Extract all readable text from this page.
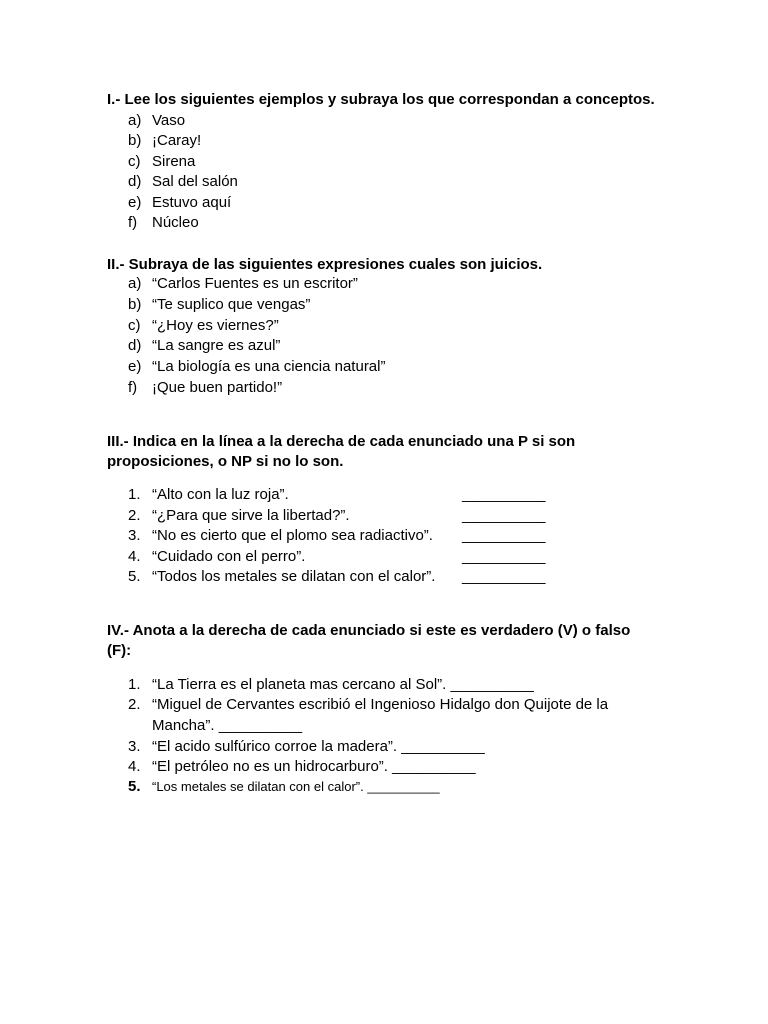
I.- Lee los siguientes ejemplos y subraya los que correspondan a conceptos.
a) Vaso
b) ¡Caray!
c) Sirena
d) Sal del salón
e) Estuvo aquí
f) Núcleo
II.- Subraya de las siguientes expresiones cuales son juicios.
a) “Carlos Fuentes es un escritor”
b) “Te suplico que vengas”
c) “¿Hoy es viernes?”
d) “La sangre es azul”
e) “La biología es una ciencia natural”
f) ¡Que buen partido!”
III.- Indica en la línea a la derecha de cada enunciado una P si son proposiciones, o NP si no lo son.
1. “Alto con la luz roja”.	__________
2. “¿Para que sirve la libertad?”.	__________
3. “No es cierto que el plomo sea radiactivo”. __________
4. “Cuidado con el perro”.	__________
5. “Todos los metales se dilatan con el calor”. __________
IV.- Anota a la derecha de cada enunciado si este es verdadero (V) o falso (F):
1. “La Tierra es el planeta mas cercano al Sol”. __________
2. “Miguel de Cervantes escribió el Ingenioso Hidalgo don Quijote de la Mancha”. __________
3. “El acido sulfúrico corroe la madera”. __________
4. “El petróleo no es un hidrocarburo”. __________
5. “Los metales se dilatan con el calor”. __________
